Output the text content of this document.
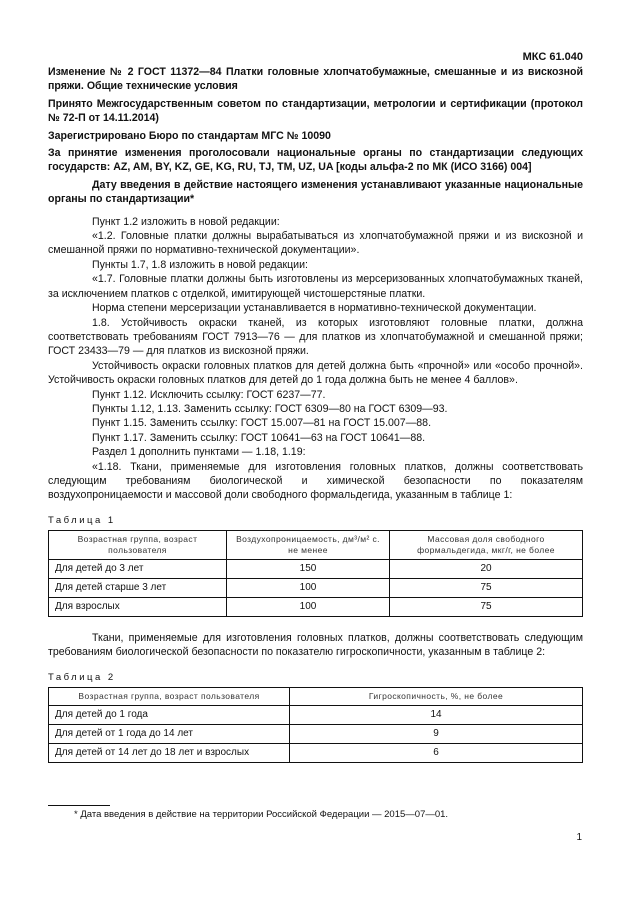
МКС 61.040
Изменение № 2 ГОСТ 11372—84 Платки головные хлопчатобумажные, смешанные и из вискозной пряжи. Общие технические условия
Принято Межгосударственным советом по стандартизации, метрологии и сертификации (протокол № 72-П от 14.11.2014)
Зарегистрировано Бюро по стандартам МГС № 10090
За принятие изменения проголосовали национальные органы по стандартизации следующих государств: AZ, AM, BY, KZ, GE, KG, RU, TJ, TM, UZ, UA [коды альфа-2 по МК (ИСО 3166) 004]
Дату введения в действие настоящего изменения устанавливают указанные национальные органы по стандартизации*

Пункт 1.2 изложить в новой редакции:

«1.2. Головные платки должны вырабатываться из хлопчатобумажной пряжи и из вискозной и смешанной пряжи по нормативно-технической документации».

Пункты 1.7, 1.8 изложить в новой редакции:

«1.7. Головные платки должны быть изготовлены из мерсеризованных хлопчатобумажных тканей, за исключением платков с отделкой, имитирующей чистошерстяные платки.

Норма степени мерсеризации устанавливается в нормативно-технической документации.

1.8. Устойчивость окраски тканей, из которых изготовляют головные платки, должна соответствовать требованиям ГОСТ 7913—76 — для платков из хлопчатобумажной и смешанной пряжи; ГОСТ 23433—79 — для платков из вискозной пряжи.

Устойчивость окраски головных платков для детей должна быть «прочной» или «особо прочной». Устойчивость окраски головных платков для детей до 1 года должна быть не менее 4 баллов».

Пункт 1.12. Исключить ссылку: ГОСТ 6237—77.

Пункты 1.12, 1.13. Заменить ссылку: ГОСТ 6309—80 на ГОСТ 6309—93.

Пункт 1.15. Заменить ссылку: ГОСТ 15.007—81 на ГОСТ 15.007—88.

Пункт 1.17. Заменить ссылку: ГОСТ 10641—63 на ГОСТ 10641—88.

Раздел 1 дополнить пунктами — 1.18, 1.19:

«1.18. Ткани, применяемые для изготовления головных платков, должны соответствовать следующим требованиям биологической и химической безопасности по показателям воздухопроницаемости и массовой доли свободного формальдегида, указанным в таблице 1:

Таблица 1
Возрастная группа, возраст пользователя	Воздухопроницаемость, дм³/м² с. не менее	Массовая доля свободного формальдегида, мкг/г, не более
Для детей до 3 лет	150	20
Для детей старше 3 лет	100	75
Для взрослых	100	75
Ткани, применяемые для изготовления головных платков, должны соответствовать следующим требованиям биологической безопасности по показателю гигроскопичности, указанным в таблице 2:
Таблица 2
Возрастная группа, возраст пользователя	Гигроскопичность, %, не более
Для детей до 1 года	14
Для детей от 1 года до 14 лет	9
Для детей от 14 лет до 18 лет и взрослых	6
* Дата введения в действие на территории Российской Федерации — 2015—07—01.
1
